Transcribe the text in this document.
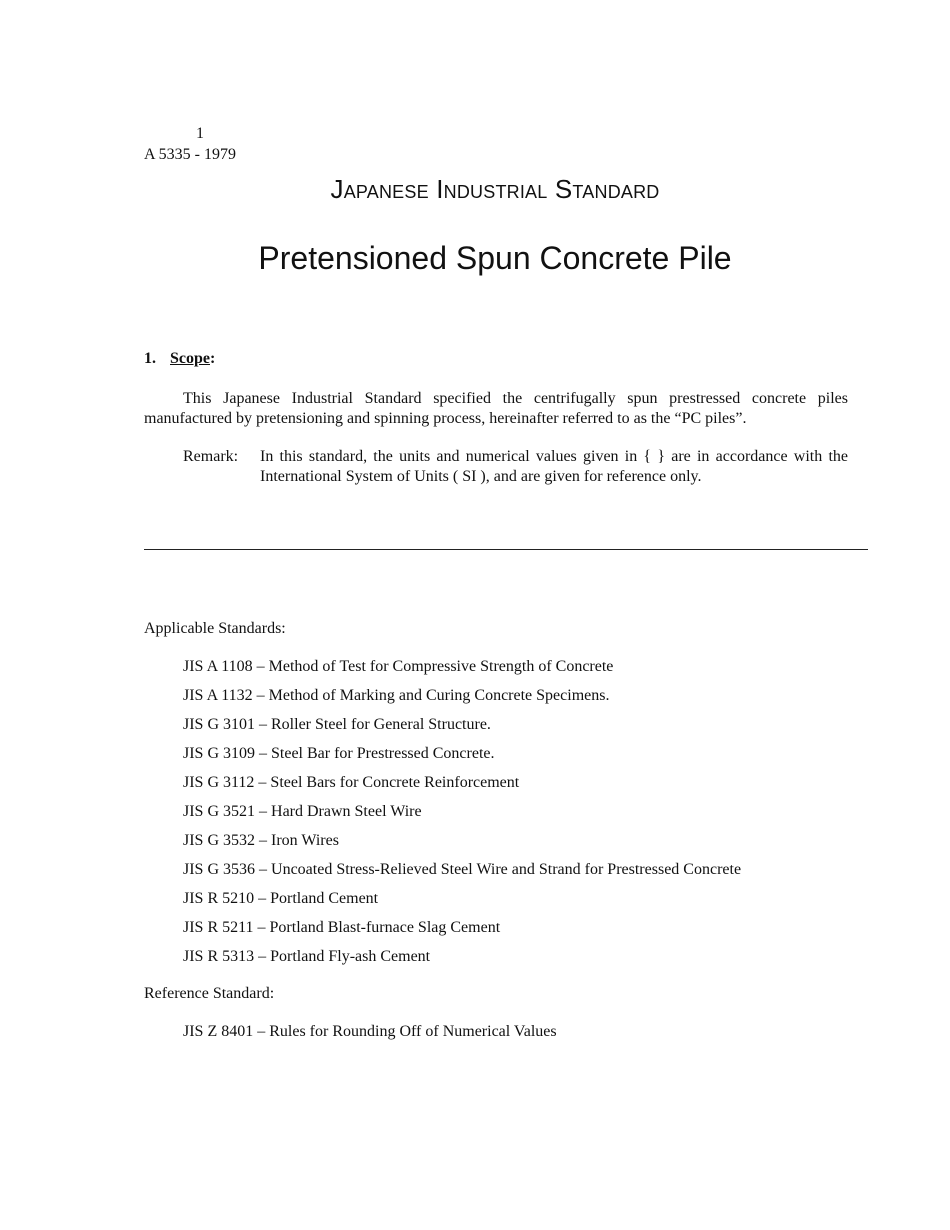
1
A 5335 - 1979
Japanese Industrial Standard
Pretensioned Spun Concrete Pile
1. Scope:

This Japanese Industrial Standard specified the centrifugally spun prestressed concrete piles manufactured by pretensioning and spinning process, hereinafter referred to as the “PC piles”.

Remark: In this standard, the units and numerical values given in { } are in accordance with the International System of Units ( SI ), and are given for reference only.
Applicable Standards:
JIS A 1108 – Method of Test for Compressive Strength of Concrete
JIS A 1132 – Method of Marking and Curing Concrete Specimens.
JIS G 3101 – Roller Steel for General Structure.
JIS G 3109 – Steel Bar for Prestressed Concrete.
JIS G 3112 – Steel Bars for Concrete Reinforcement
JIS G 3521 – Hard Drawn Steel Wire
JIS G 3532 – Iron Wires
JIS G 3536 – Uncoated Stress-Relieved Steel Wire and Strand for Prestressed Concrete
JIS R 5210 – Portland Cement
JIS R 5211 – Portland Blast-furnace Slag Cement
JIS R 5313 – Portland Fly-ash Cement
Reference Standard:
JIS Z 8401 – Rules for Rounding Off of Numerical Values
